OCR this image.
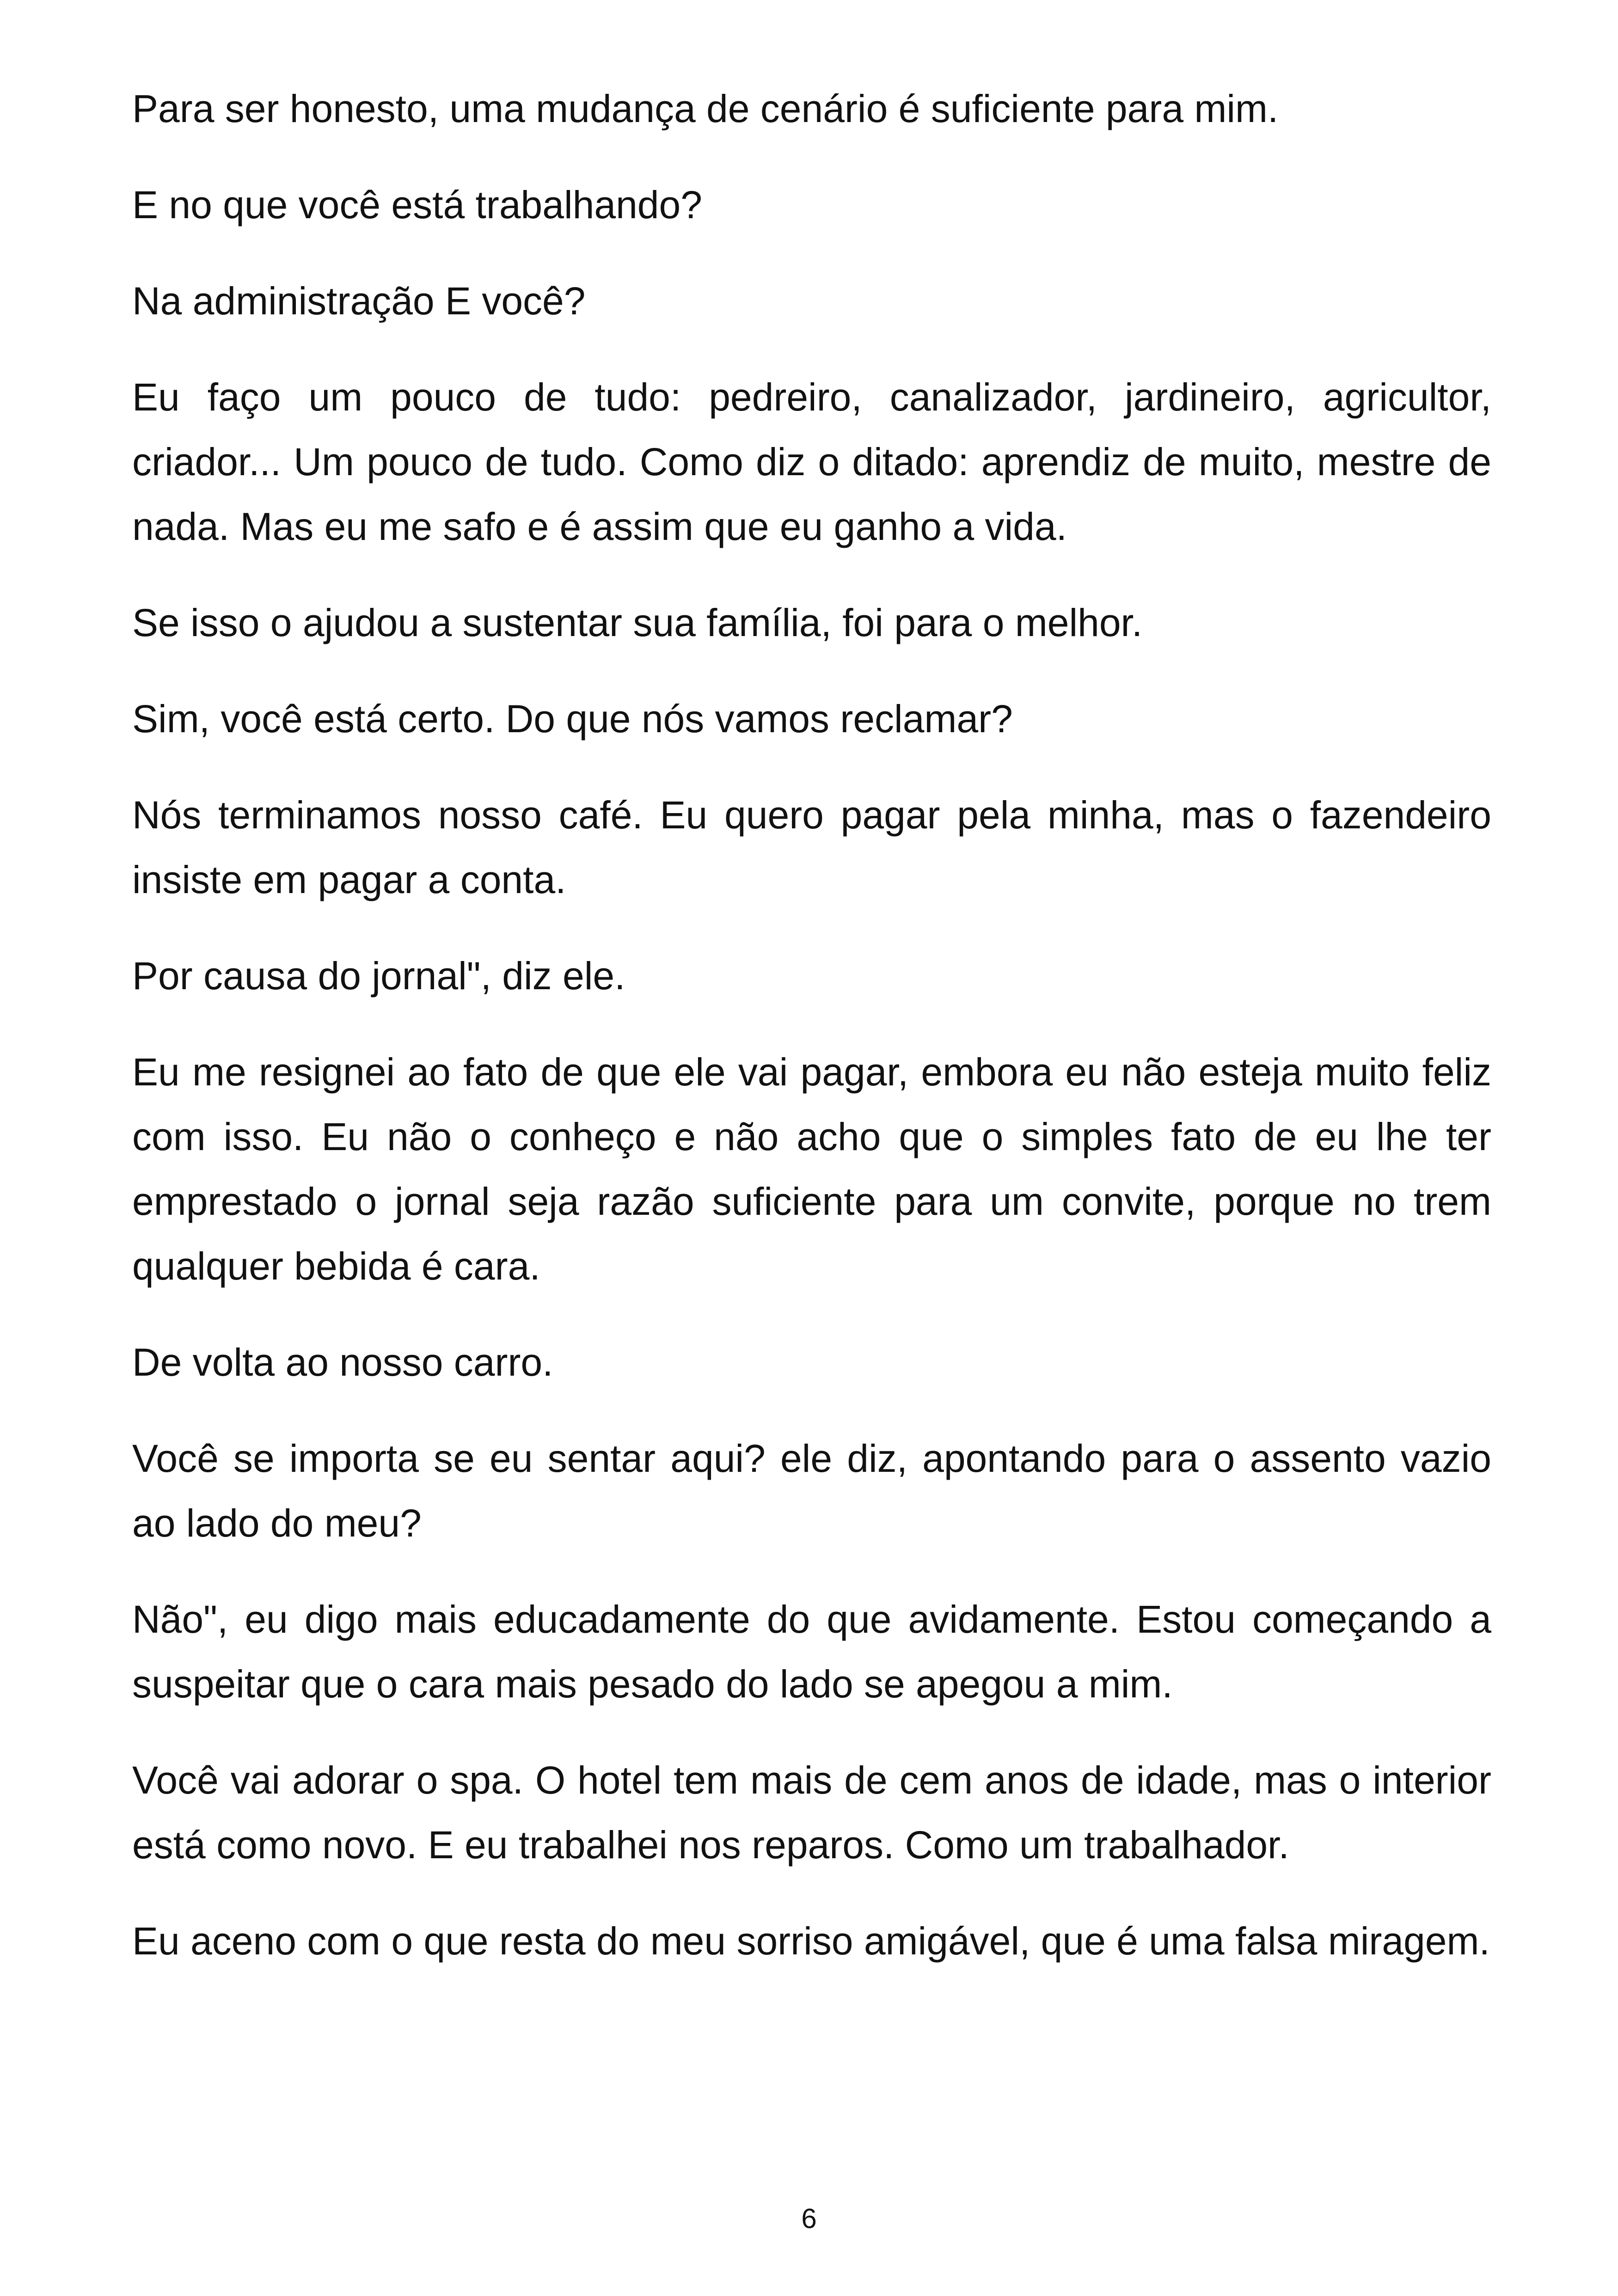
Para ser honesto, uma mudança de cenário é suficiente para mim.

E no que você está trabalhando?

Na administração E você?

Eu faço um pouco de tudo: pedreiro, canalizador, jardineiro, agricultor, criador... Um pouco de tudo. Como diz o ditado: aprendiz de muito, mestre de nada. Mas eu me safo e é assim que eu ganho a vida.

Se isso o ajudou a sustentar sua família, foi para o melhor.

Sim, você está certo. Do que nós vamos reclamar?

Nós terminamos nosso café. Eu quero pagar pela minha, mas o fazendeiro insiste em pagar a conta.

Por causa do jornal", diz ele.

Eu me resignei ao fato de que ele vai pagar, embora eu não esteja muito feliz com isso. Eu não o conheço e não acho que o simples fato de eu lhe ter emprestado o jornal seja razão suficiente para um convite, porque no trem qualquer bebida é cara.

De volta ao nosso carro.

Você se importa se eu sentar aqui? ele diz, apontando para o assento vazio ao lado do meu?

Não", eu digo mais educadamente do que avidamente. Estou começando a suspeitar que o cara mais pesado do lado se apegou a mim.

Você vai adorar o spa. O hotel tem mais de cem anos de idade, mas o interior está como novo. E eu trabalhei nos reparos. Como um trabalhador.

Eu aceno com o que resta do meu sorriso amigável, que é uma falsa miragem.

6
